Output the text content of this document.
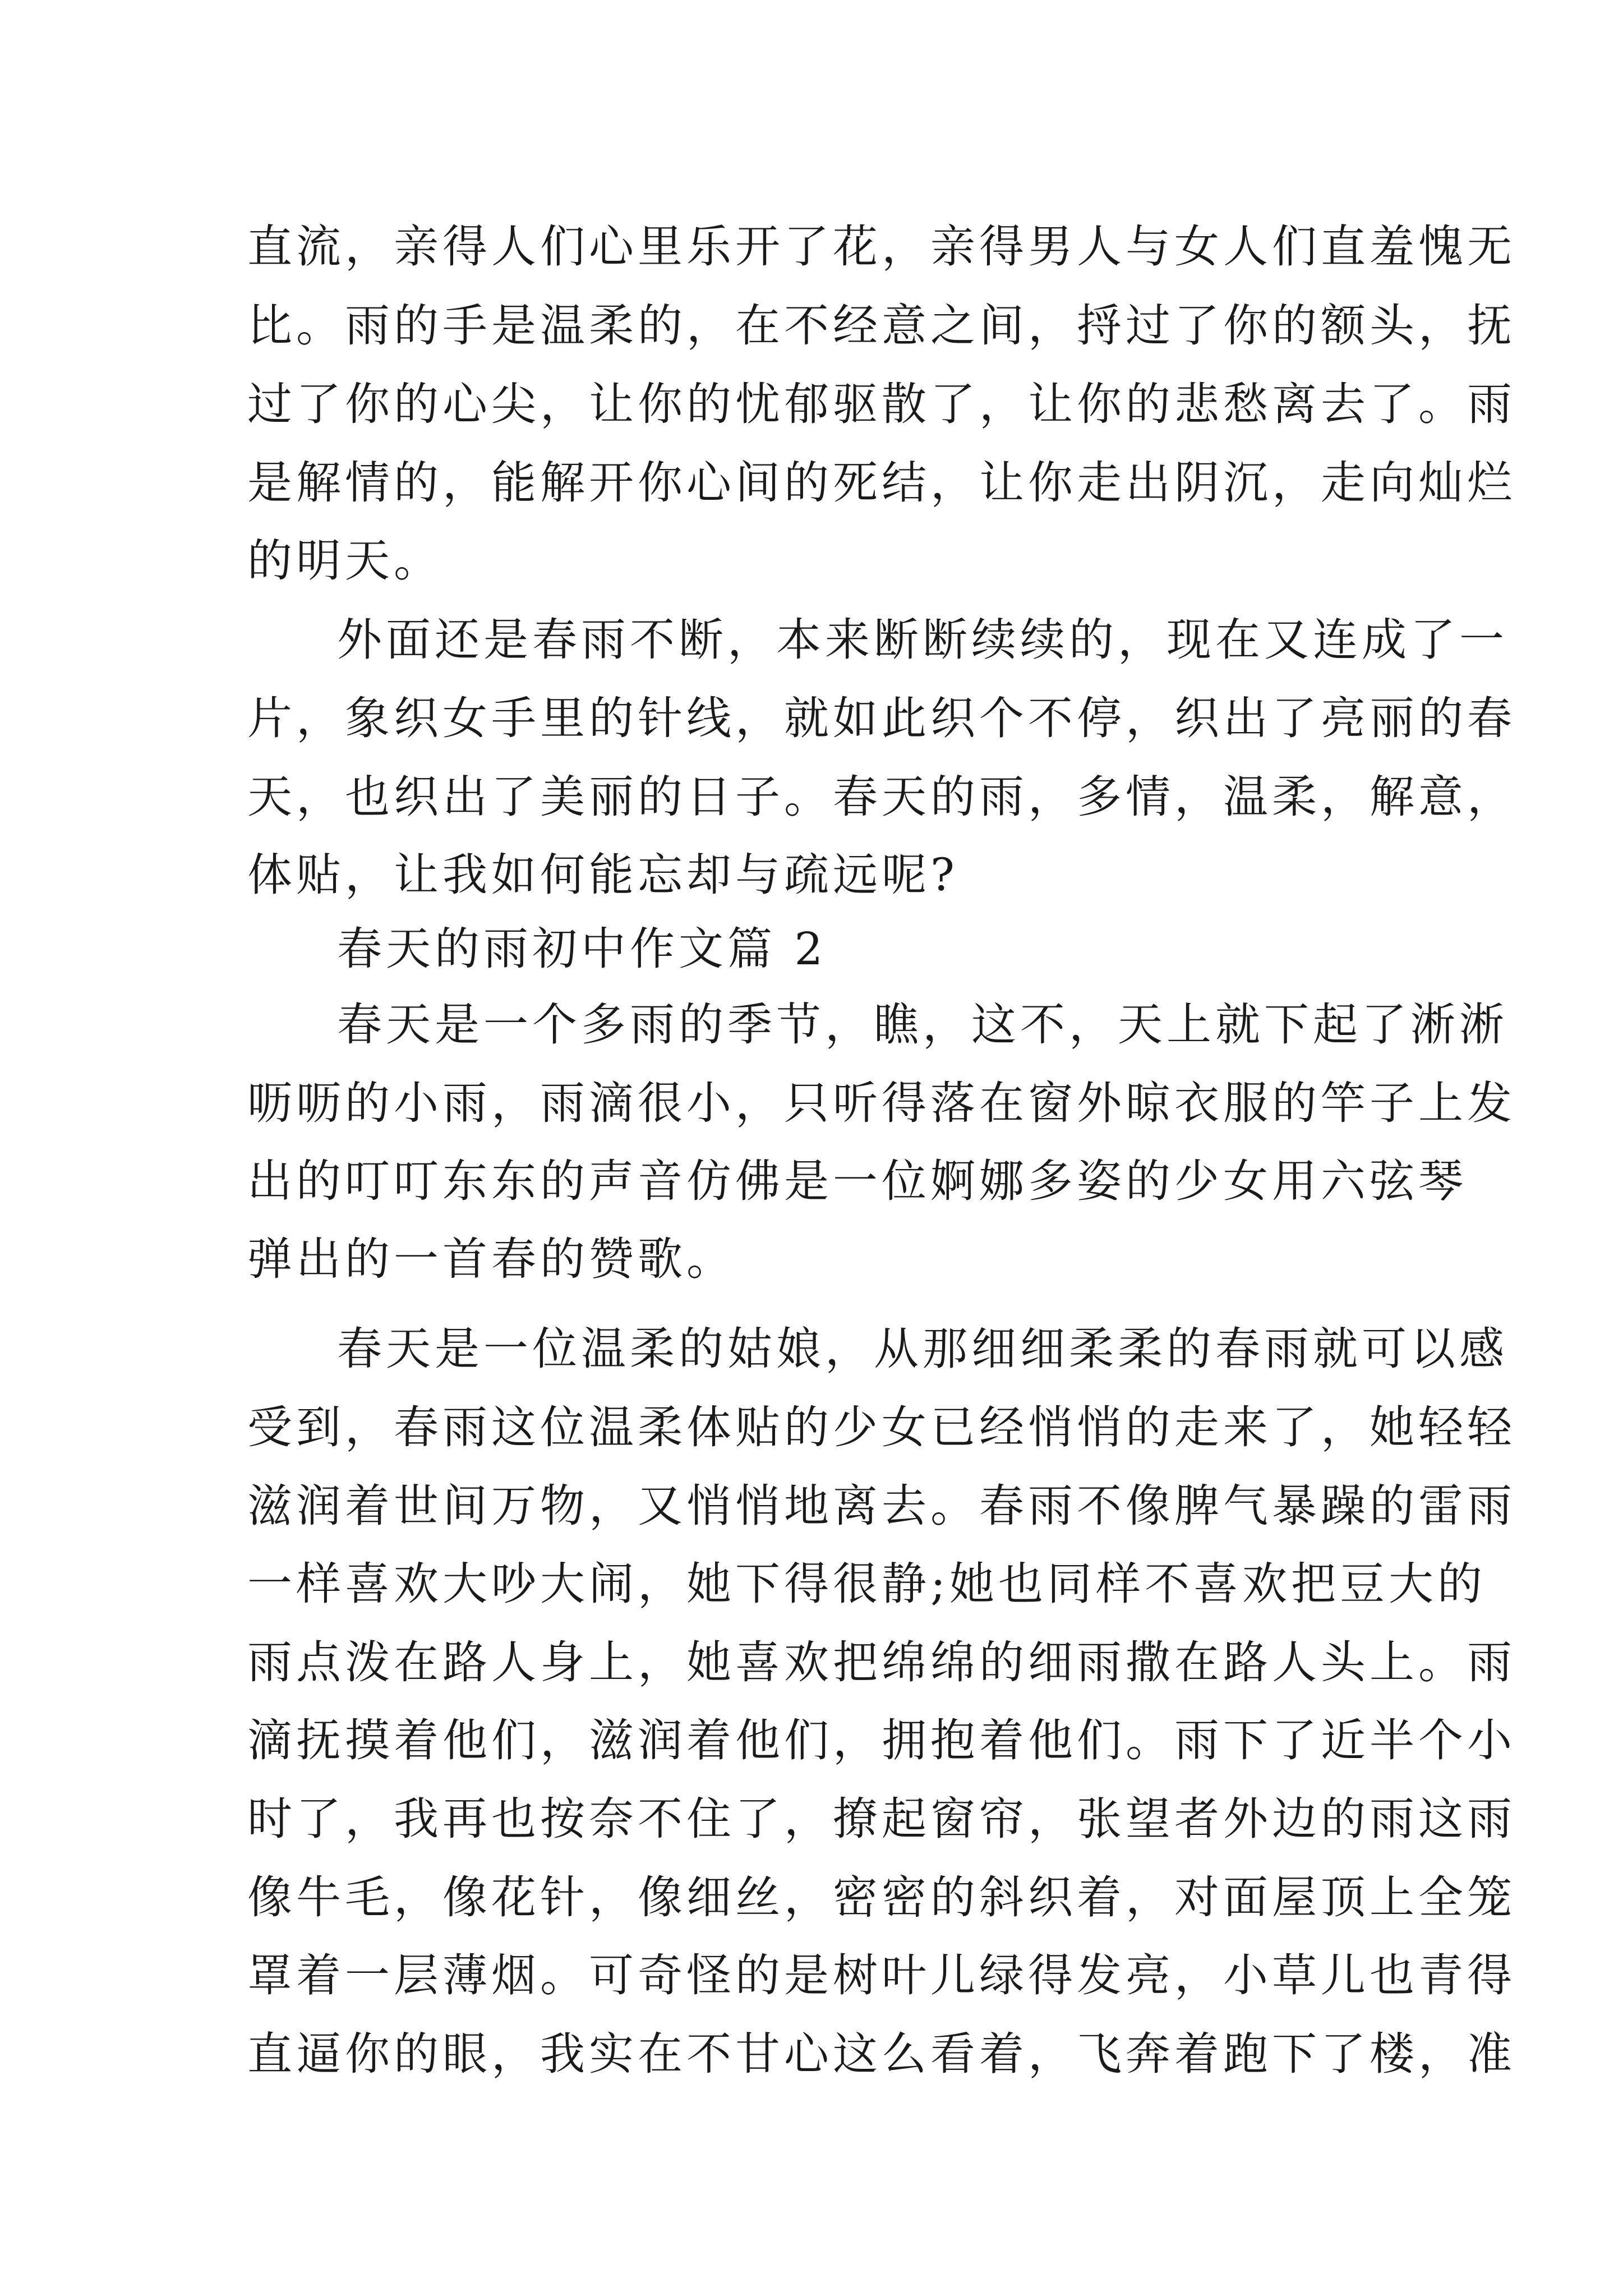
直流，亲得人们心里乐开了花，亲得男人与女人们直羞愧无
比。雨的手是温柔的，在不经意之间，捋过了你的额头，抚
过了你的心尖，让你的忧郁驱散了，让你的悲愁离去了。雨
是解情的，能解开你心间的死结，让你走出阴沉，走向灿烂
的明天。
外面还是春雨不断，本来断断续续的，现在又连成了一
片，象织女手里的针线，就如此织个不停，织出了亮丽的春
天，也织出了美丽的日子。春天的雨，多情，温柔，解意，
体贴，让我如何能忘却与疏远呢?
春天的雨初中作文篇 2
春天是一个多雨的季节，瞧，这不，天上就下起了淅淅
呖呖的小雨，雨滴很小，只听得落在窗外晾衣服的竿子上发
出的叮叮东东的声音仿佛是一位婀娜多姿的少女用六弦琴
弹出的一首春的赞歌。
春天是一位温柔的姑娘，从那细细柔柔的春雨就可以感
受到，春雨这位温柔体贴的少女已经悄悄的走来了，她轻轻
滋润着世间万物，又悄悄地离去。春雨不像脾气暴躁的雷雨
一样喜欢大吵大闹，她下得很静;她也同样不喜欢把豆大的
雨点泼在路人身上，她喜欢把绵绵的细雨撒在路人头上。雨
滴抚摸着他们，滋润着他们，拥抱着他们。雨下了近半个小
时了，我再也按奈不住了，撩起窗帘，张望者外边的雨这雨
像牛毛，像花针，像细丝，密密的斜织着，对面屋顶上全笼
罩着一层薄烟。可奇怪的是树叶儿绿得发亮，小草儿也青得
直逼你的眼，我实在不甘心这么看着，飞奔着跑下了楼，准
